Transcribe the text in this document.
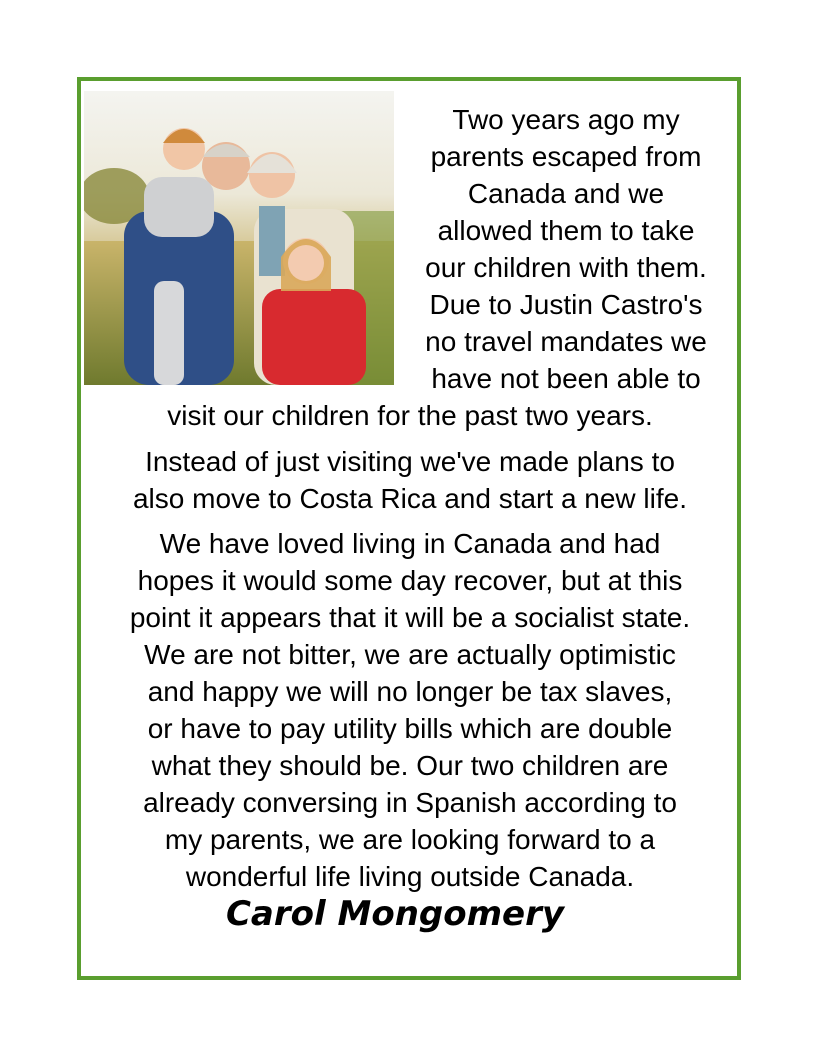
Two years ago my
parents escaped from
Canada and we
allowed them to take
our children with them.
Due to Justin Castro's
no travel mandates we
have not been able to
visit our children for the past two years.
Instead of just visiting we've made plans to
also move to Costa Rica and start a new life.
We have loved living in Canada and had
hopes it would some day recover, but at this
point it appears that it will be a socialist state.
We are not bitter, we are actually optimistic
and happy we will no longer be tax slaves,
or have to pay utility bills which are double
what they should be. Our two children are
already conversing in Spanish according to
my parents, we are looking forward to a
wonderful life living outside Canada.
Carol Mongomery
